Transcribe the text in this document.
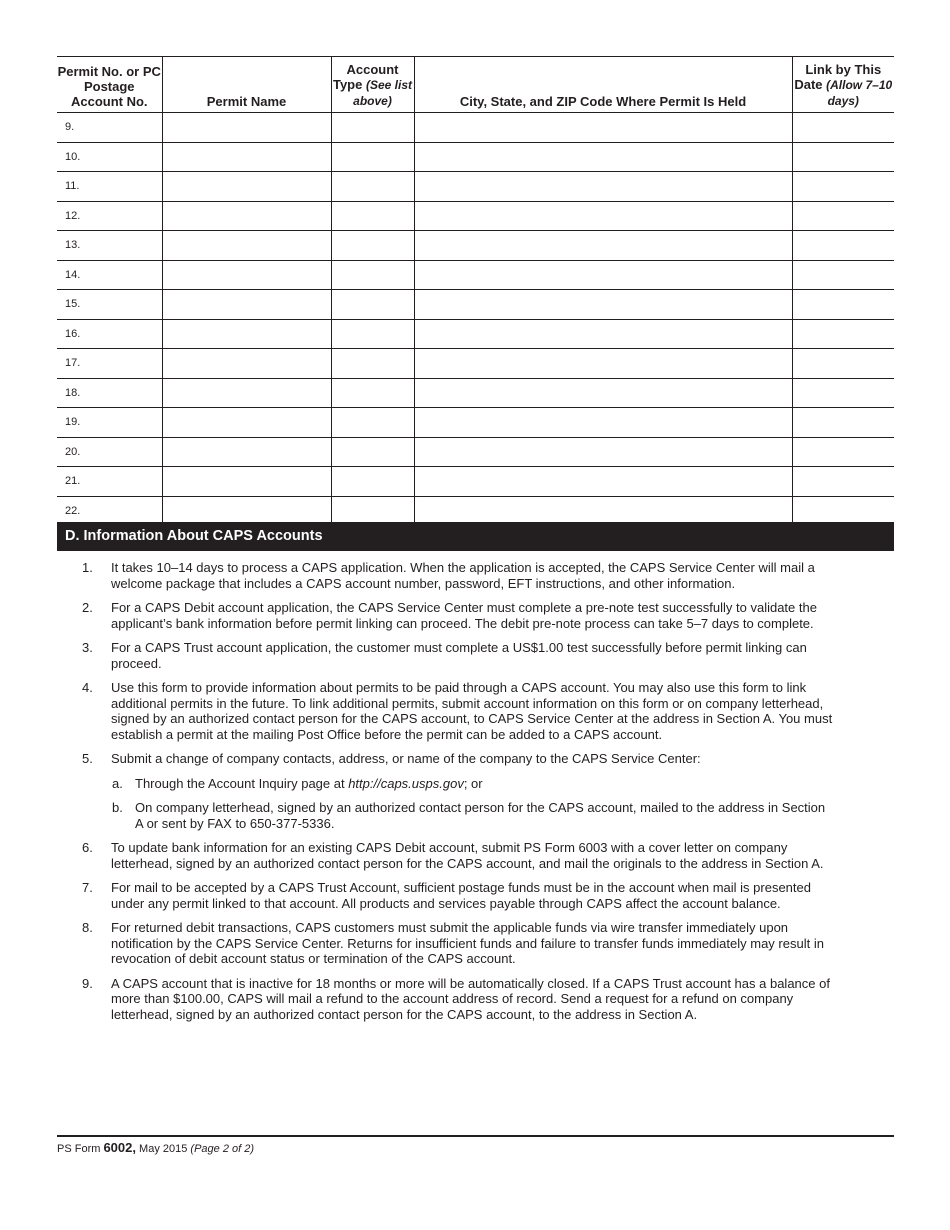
Permit No. or PC Postage Account No.	Permit Name	Account Type (See list above)	City, State, and ZIP Code Where Permit Is Held	Link by This Date (Allow 7–10 days)
9.				
10.				
11.				
12.				
13.				
14.				
15.				
16.				
17.				
18.				
19.				
20.				
21.				
22.				
D. Information About CAPS Accounts
1. It takes 10–14 days to process a CAPS application. When the application is accepted, the CAPS Service Center will mail a welcome package that includes a CAPS account number, password, EFT instructions, and other information.
2. For a CAPS Debit account application, the CAPS Service Center must complete a pre-note test successfully to validate the applicant’s bank information before permit linking can proceed. The debit pre-note process can take 5–7 days to complete.
3. For a CAPS Trust account application, the customer must complete a US$1.00 test successfully before permit linking can proceed.
4. Use this form to provide information about permits to be paid through a CAPS account. You may also use this form to link additional permits in the future. To link additional permits, submit account information on this form or on company letterhead, signed by an authorized contact person for the CAPS account, to CAPS Service Center at the address in Section A. You must establish a permit at the mailing Post Office before the permit can be added to a CAPS account.
5. Submit a change of company contacts, address, or name of the company to the CAPS Service Center:
a. Through the Account Inquiry page at http://caps.usps.gov; or
b. On company letterhead, signed by an authorized contact person for the CAPS account, mailed to the address in Section A or sent by FAX to 650-377-5336.
6. To update bank information for an existing CAPS Debit account, submit PS Form 6003 with a cover letter on company letterhead, signed by an authorized contact person for the CAPS account, and mail the originals to the address in Section A.
7. For mail to be accepted by a CAPS Trust Account, sufficient postage funds must be in the account when mail is presented under any permit linked to that account. All products and services payable through CAPS affect the account balance.
8. For returned debit transactions, CAPS customers must submit the applicable funds via wire transfer immediately upon notification by the CAPS Service Center. Returns for insufficient funds and failure to transfer funds immediately may result in revocation of debit account status or termination of the CAPS account.
9. A CAPS account that is inactive for 18 months or more will be automatically closed. If a CAPS Trust account has a balance of more than $100.00, CAPS will mail a refund to the account address of record. Send a request for a refund on company letterhead, signed by an authorized contact person for the CAPS account, to the address in Section A.
PS Form 6002, May 2015 (Page 2 of 2)
